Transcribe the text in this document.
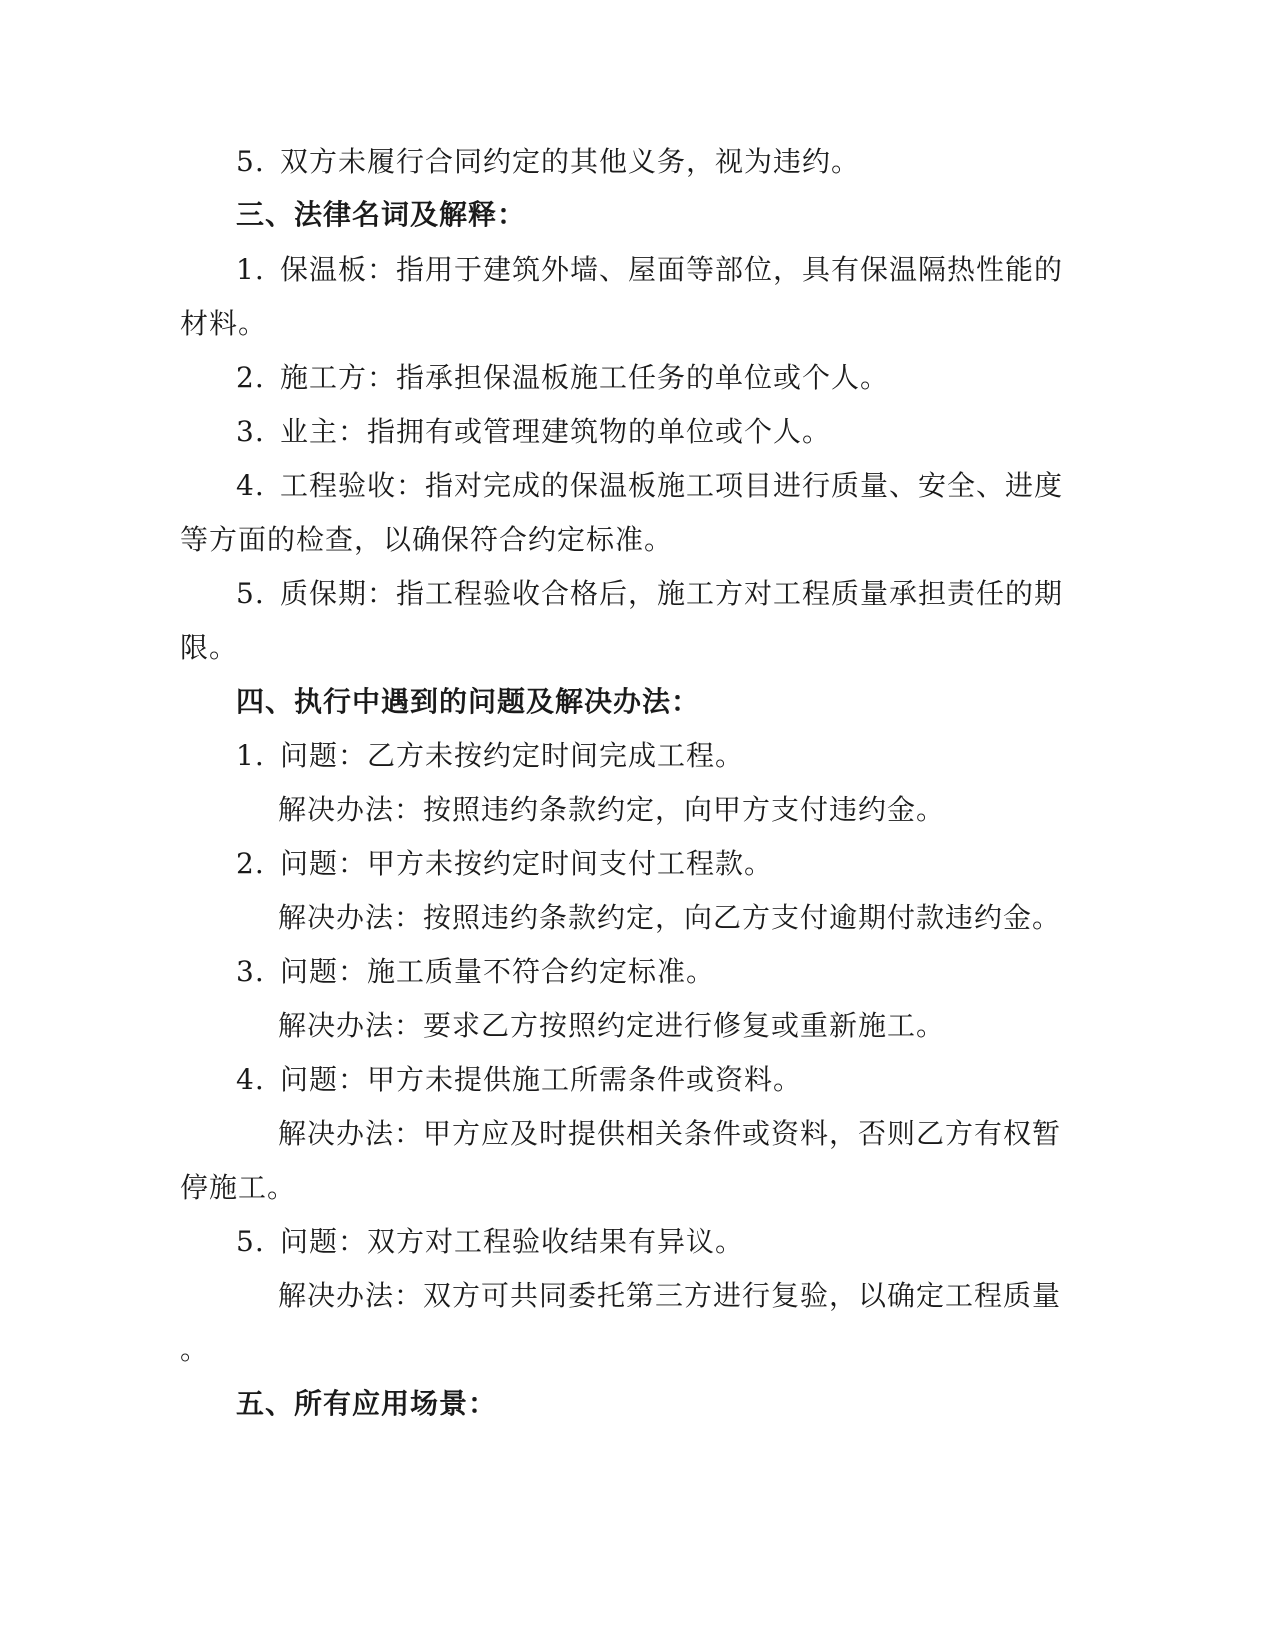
5. 双方未履行合同约定的其他义务，视为违约。
三、法律名词及解释：
1. 保温板：指用于建筑外墙、屋面等部位，具有保温隔热性能的
材料。
2. 施工方：指承担保温板施工任务的单位或个人。
3. 业主：指拥有或管理建筑物的单位或个人。
4. 工程验收：指对完成的保温板施工项目进行质量、安全、进度
等方面的检查，以确保符合约定标准。
5. 质保期：指工程验收合格后，施工方对工程质量承担责任的期
限。
四、执行中遇到的问题及解决办法：
1. 问题：乙方未按约定时间完成工程。
解决办法：按照违约条款约定，向甲方支付违约金。
2. 问题：甲方未按约定时间支付工程款。
解决办法：按照违约条款约定，向乙方支付逾期付款违约金。
3. 问题：施工质量不符合约定标准。
解决办法：要求乙方按照约定进行修复或重新施工。
4. 问题：甲方未提供施工所需条件或资料。
解决办法：甲方应及时提供相关条件或资料，否则乙方有权暂
停施工。
5. 问题：双方对工程验收结果有异议。
解决办法：双方可共同委托第三方进行复验，以确定工程质量
。
五、所有应用场景：
